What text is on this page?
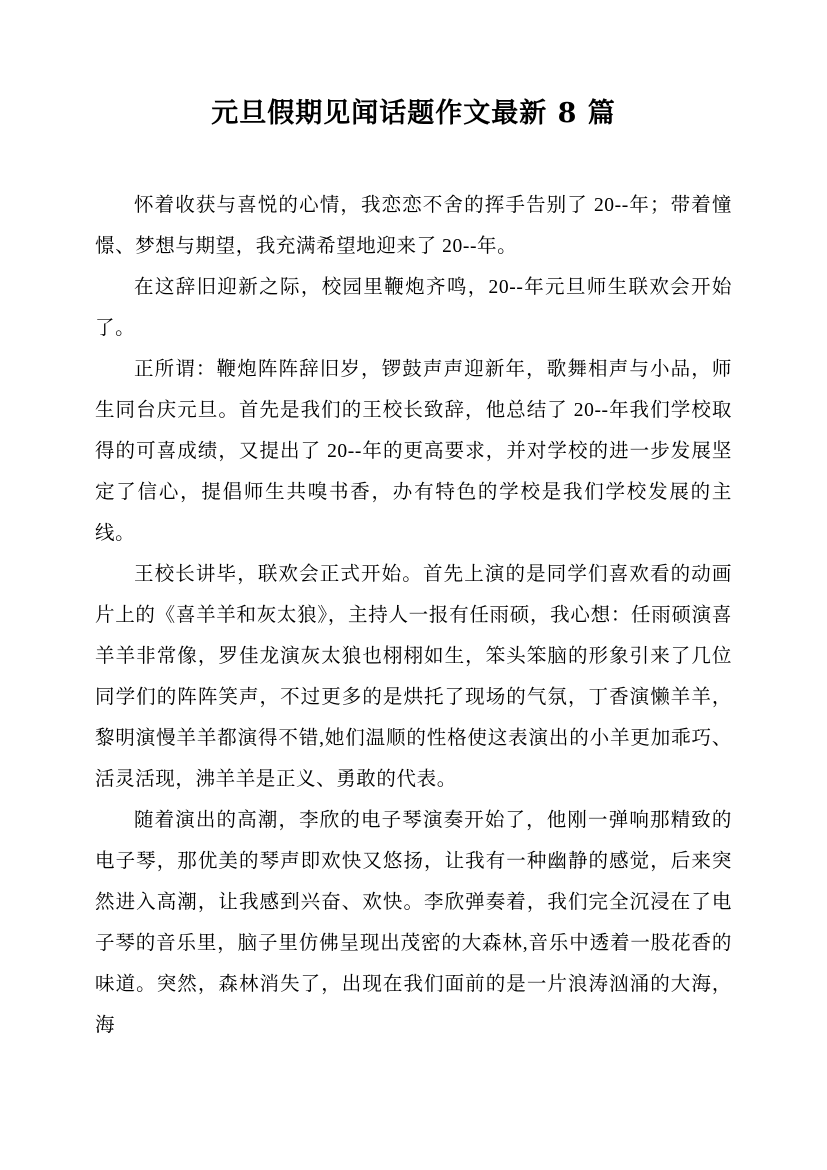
元旦假期见闻话题作文最新 8 篇

怀着收获与喜悦的心情，我恋恋不舍的挥手告别了 20--年；带着憧憬、梦想与期望，我充满希望地迎来了 20--年。

在这辞旧迎新之际，校园里鞭炮齐鸣，20--年元旦师生联欢会开始了。

正所谓：鞭炮阵阵辞旧岁，锣鼓声声迎新年，歌舞相声与小品，师生同台庆元旦。首先是我们的王校长致辞，他总结了 20--年我们学校取得的可喜成绩，又提出了 20--年的更高要求，并对学校的进一步发展坚定了信心，提倡师生共嗅书香，办有特色的学校是我们学校发展的主线。

王校长讲毕，联欢会正式开始。首先上演的是同学们喜欢看的动画片上的《喜羊羊和灰太狼》，主持人一报有任雨硕，我心想：任雨硕演喜羊羊非常像，罗佳龙演灰太狼也栩栩如生，笨头笨脑的形象引来了几位同学们的阵阵笑声，不过更多的是烘托了现场的气氛，丁香演懒羊羊，黎明演慢羊羊都演得不错,她们温顺的性格使这表演出的小羊更加乖巧、活灵活现，沸羊羊是正义、勇敢的代表。

随着演出的高潮，李欣的电子琴演奏开始了，他刚一弹响那精致的电子琴，那优美的琴声即欢快又悠扬，让我有一种幽静的感觉，后来突然进入高潮，让我感到兴奋、欢快。李欣弹奏着，我们完全沉浸在了电子琴的音乐里，脑子里仿佛呈现出茂密的大森林,音乐中透着一股花香的味道。突然，森林消失了，出现在我们面前的是一片浪涛汹涌的大海，海
